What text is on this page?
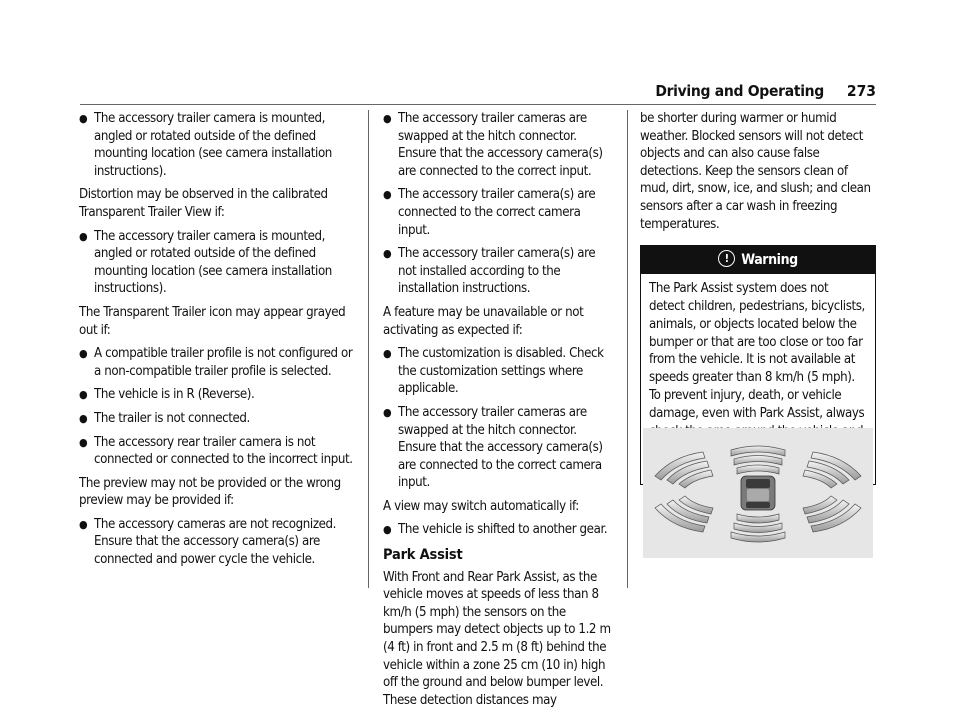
Driving and Operating 273
● The accessory trailer camera is mounted, angled or rotated outside of the defined mounting location (see camera installation instructions).

Distortion may be observed in the calibrated Transparent Trailer View if:

● The accessory trailer camera is mounted, angled or rotated outside of the defined mounting location (see camera installation instructions).

The Transparent Trailer icon may appear grayed out if:

● A compatible trailer profile is not configured or a non-compatible trailer profile is selected.
● The vehicle is in R (Reverse).
● The trailer is not connected.
● The accessory rear trailer camera is not connected or connected to the incorrect input.

The preview may not be provided or the wrong preview may be provided if:

● The accessory cameras are not recognized. Ensure that the accessory camera(s) are connected and power cycle the vehicle.
● The accessory trailer cameras are swapped at the hitch connector. Ensure that the accessory camera(s) are connected to the correct input.
● The accessory trailer camera(s) are connected to the correct camera input.
● The accessory trailer camera(s) are not installed according to the installation instructions.

A feature may be unavailable or not activating as expected if:

● The customization is disabled. Check the customization settings where applicable.
● The accessory trailer cameras are swapped at the hitch connector. Ensure that the accessory camera(s) are connected to the correct camera input.

A view may switch automatically if:

● The vehicle is shifted to another gear.
Park Assist

With Front and Rear Park Assist, as the vehicle moves at speeds of less than 8 km/h (5 mph) the sensors on the bumpers may detect objects up to 1.2 m (4 ft) in front and 2.5 m (8 ft) behind the vehicle within a zone 25 cm (10 in) high off the ground and below bumper level. These detection distances may

be shorter during warmer or humid weather. Blocked sensors will not detect objects and can also cause false detections. Keep the sensors clean of mud, dirt, snow, ice, and slush; and clean sensors after a car wash in freezing temperatures.

! Warning
The Park Assist system does not detect children, pedestrians, bicyclists, animals, or objects located below the bumper or that are too close or too far from the vehicle. It is not available at speeds greater than 8 km/h (5 mph). To prevent injury, death, or vehicle damage, even with Park Assist, always
